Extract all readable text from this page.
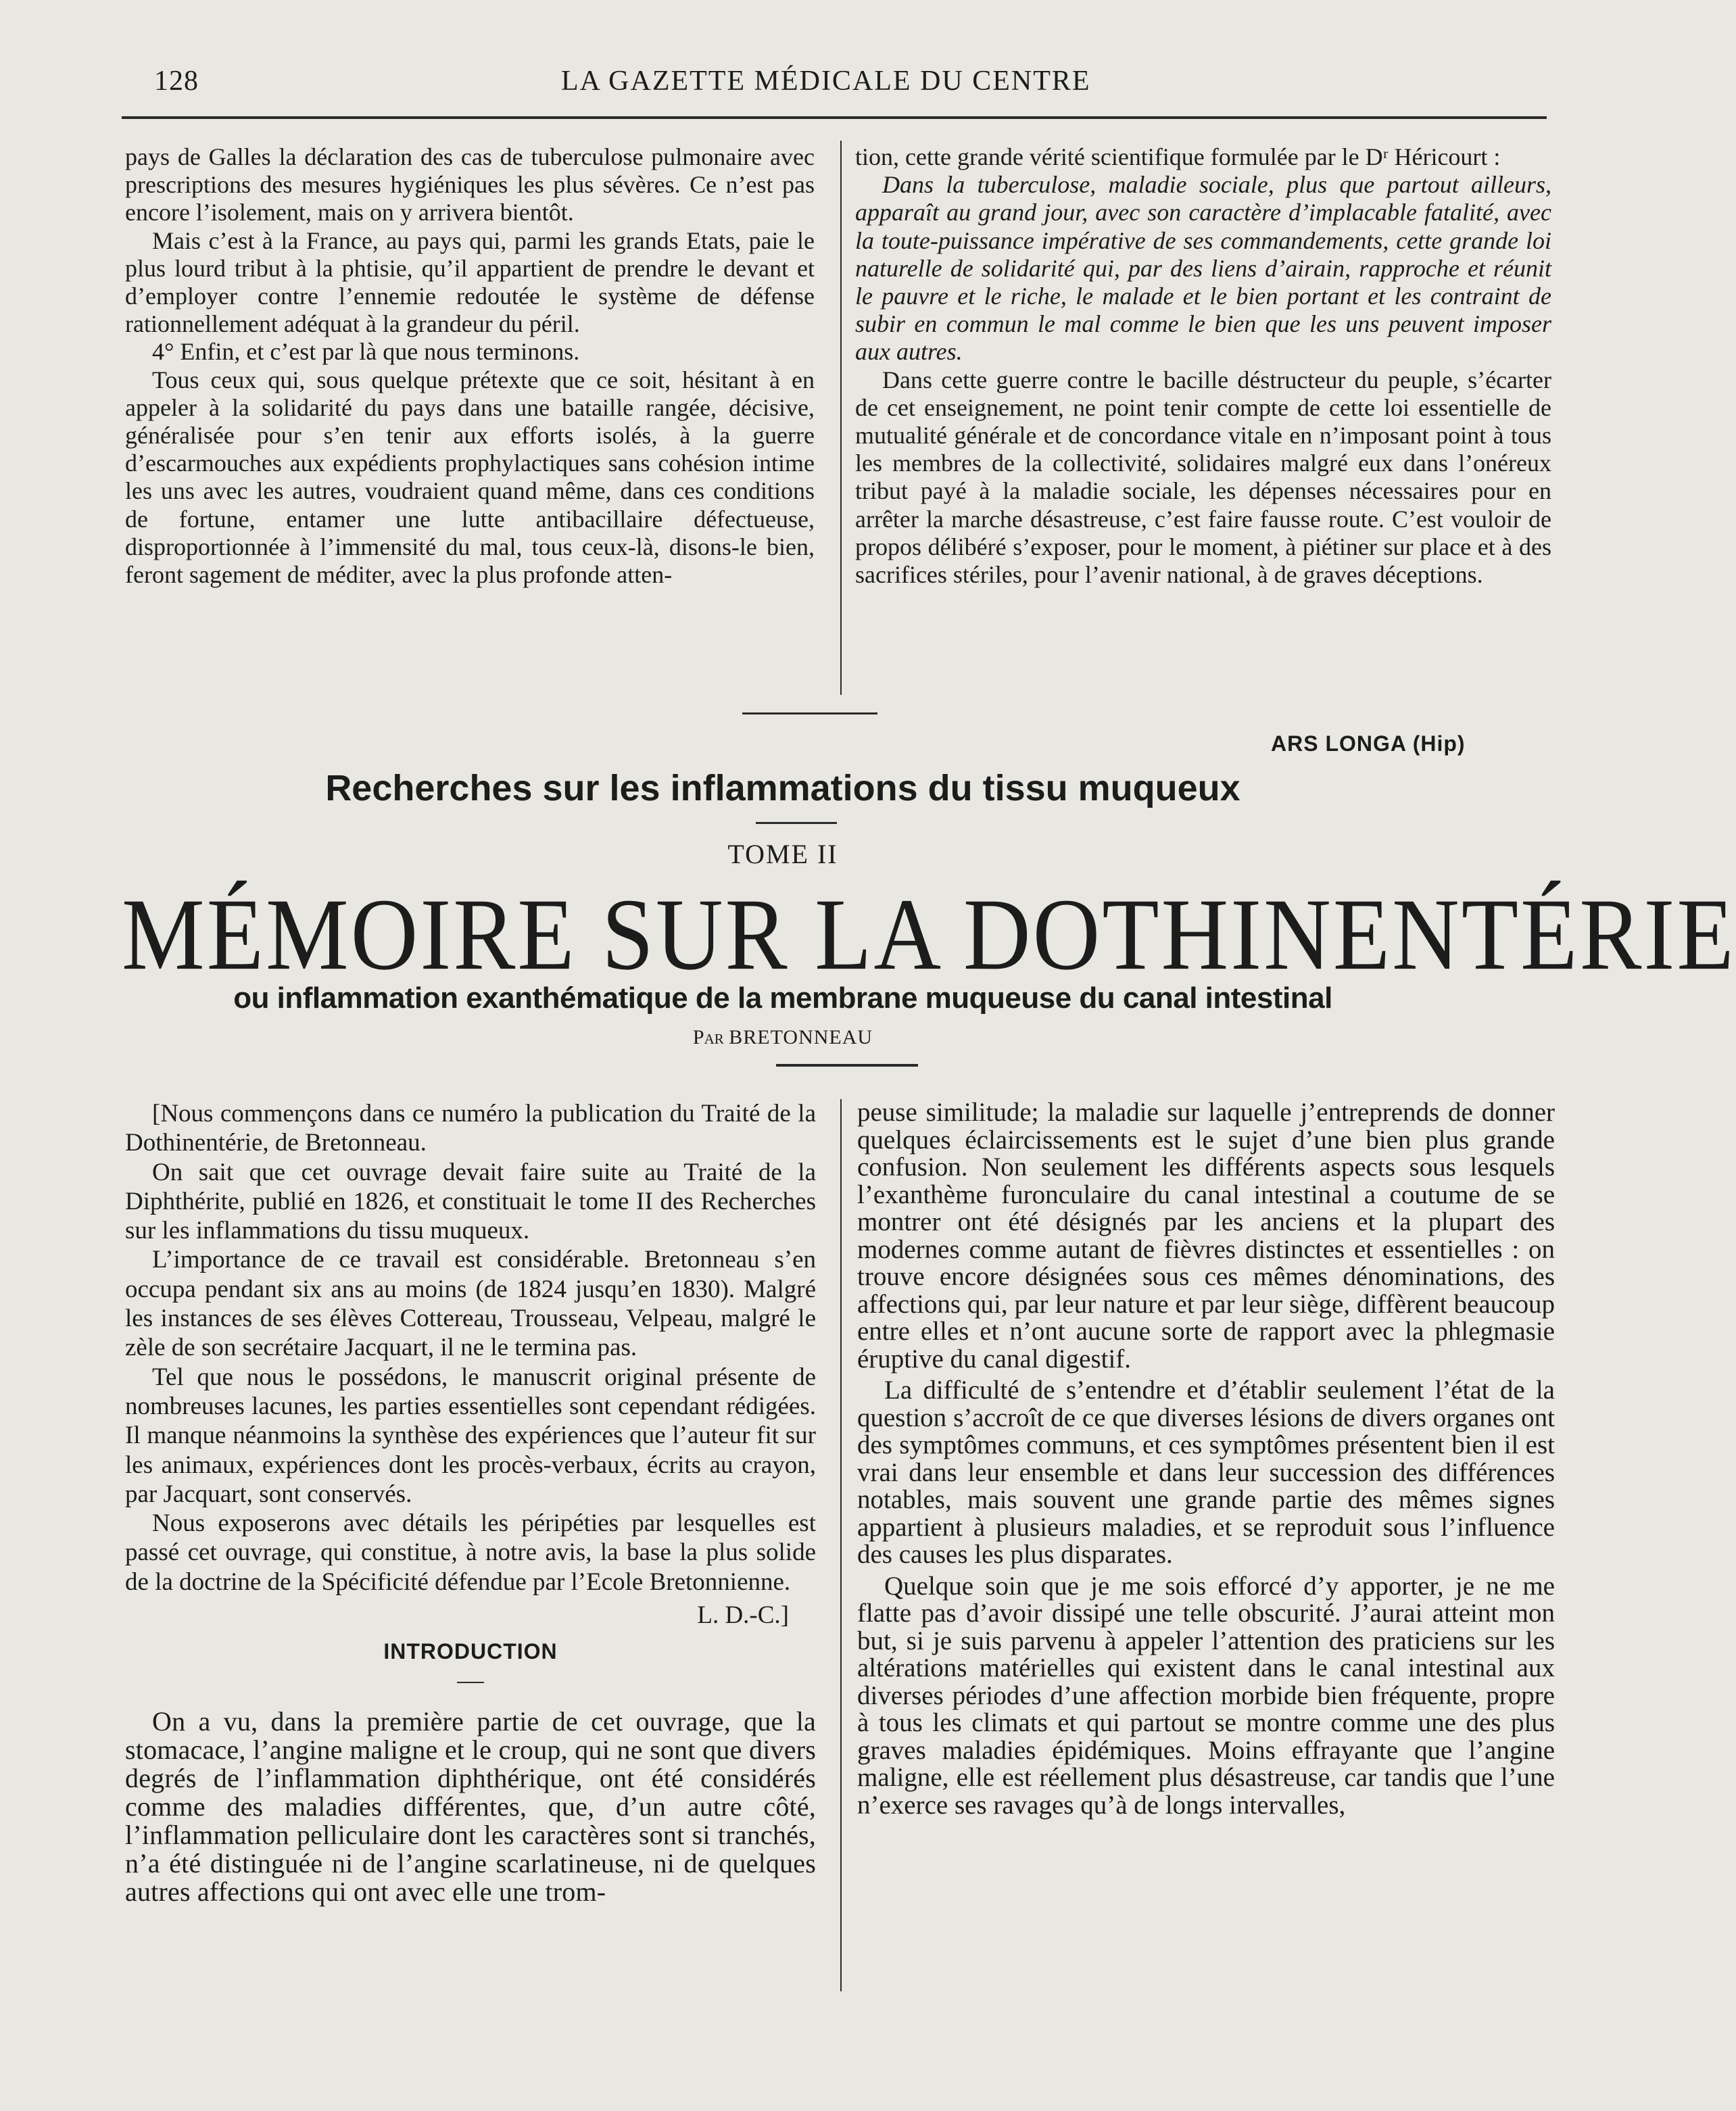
128	LA GAZETTE MÉDICALE DU CENTRE

pays de Galles la déclaration des cas de tuberculose pulmonaire avec prescriptions des mesures hygiéniques les plus sévères. Ce n’est pas encore l’isolement, mais on y arrivera bientôt.

Mais c’est à la France, au pays qui, parmi les grands Etats, paie le plus lourd tribut à la phtisie, qu’il appartient de prendre le devant et d’employer contre l’ennemie redoutée le système de défense rationnellement adéquat à la grandeur du péril.

4° Enfin, et c’est par là que nous terminons.

Tous ceux qui, sous quelque prétexte que ce soit, hésitant à en appeler à la solidarité du pays dans une bataille rangée, décisive, généralisée pour s’en tenir aux efforts isolés, à la guerre d’escarmouches aux expédients prophylactiques sans cohésion intime les uns avec les autres, voudraient quand même, dans ces conditions de fortune, entamer une lutte antibacillaire défectueuse, disproportionnée à l’immensité du mal, tous ceux-là, disons-le bien, feront sagement de méditer, avec la plus profonde atten-

tion, cette grande vérité scientifique formulée par le Dʳ Héricourt :

Dans la tuberculose, maladie sociale, plus que partout ailleurs, apparaît au grand jour, avec son caractère d’implacable fatalité, avec la toute-puissance impérative de ses commandements, cette grande loi naturelle de solidarité qui, par des liens d’airain, rapproche et réunit le pauvre et le riche, le malade et le bien portant et les contraint de subir en commun le mal comme le bien que les uns peuvent imposer aux autres.

Dans cette guerre contre le bacille déstructeur du peuple, s’écarter de cet enseignement, ne point tenir compte de cette loi essentielle de mutualité générale et de concordance vitale en n’imposant point à tous les membres de la collectivité, solidaires malgré eux dans l’onéreux tribut payé à la maladie sociale, les dépenses nécessaires pour en arrêter la marche désastreuse, c’est faire fausse route. C’est vouloir de propos délibéré s’exposer, pour le moment, à piétiner sur place et à des sacrifices stériles, pour l’avenir national, à de graves déceptions.

ARS LONGA (Hip)
Recherches sur les inflammations du tissu muqueux
TOME II
MÉMOIRE SUR LA DOTHINENTÉRIE
ou inflammation exanthématique de la membrane muqueuse du canal intestinal
Par BRETONNEAU

[Nous commençons dans ce numéro la publication du Traité de la Dothinentérie, de Bretonneau.

On sait que cet ouvrage devait faire suite au Traité de la Diphthérite, publié en 1826, et constituait le tome II des Recherches sur les inflammations du tissu muqueux.

L’importance de ce travail est considérable. Bretonneau s’en occupa pendant six ans au moins (de 1824 jusqu’en 1830). Malgré les instances de ses élèves Cottereau, Trousseau, Velpeau, malgré le zèle de son secrétaire Jacquart, il ne le termina pas.

Tel que nous le possédons, le manuscrit original présente de nombreuses lacunes, les parties essentielles sont cependant rédigées. Il manque néanmoins la synthèse des expériences que l’auteur fit sur les animaux, expériences dont les procès-verbaux, écrits au crayon, par Jacquart, sont conservés.

Nous exposerons avec détails les péripéties par lesquelles est passé cet ouvrage, qui constitue, à notre avis, la base la plus solide de la doctrine de la Spécificité défendue par l’Ecole Bretonnienne.

L. D.-C.]

INTRODUCTION

On a vu, dans la première partie de cet ouvrage, que la stomacace, l’angine maligne et le croup, qui ne sont que divers degrés de l’inflammation diphthérique, ont été considérés comme des maladies différentes, que, d’un autre côté, l’inflammation pelliculaire dont les caractères sont si tranchés, n’a été distinguée ni de l’angine scarlatineuse, ni de quelques autres affections qui ont avec elle une trom-

peuse similitude; la maladie sur laquelle j’entreprends de donner quelques éclaircissements est le sujet d’une bien plus grande confusion. Non seulement les différents aspects sous lesquels l’exanthème furonculaire du canal intestinal a coutume de se montrer ont été désignés par les anciens et la plupart des modernes comme autant de fièvres distinctes et essentielles : on trouve encore désignées sous ces mêmes dénominations, des affections qui, par leur nature et par leur siège, diffèrent beaucoup entre elles et n’ont aucune sorte de rapport avec la phlegmasie éruptive du canal digestif.

La difficulté de s’entendre et d’établir seulement l’état de la question s’accroît de ce que diverses lésions de divers organes ont des symptômes communs, et ces symptômes présentent bien il est vrai dans leur ensemble et dans leur succession des différences notables, mais souvent une grande partie des mêmes signes appartient à plusieurs maladies, et se reproduit sous l’influence des causes les plus disparates.

Quelque soin que je me sois efforcé d’y apporter, je ne me flatte pas d’avoir dissipé une telle obscurité. J’aurai atteint mon but, si je suis parvenu à appeler l’attention des praticiens sur les altérations matérielles qui existent dans le canal intestinal aux diverses périodes d’une affection morbide bien fréquente, propre à tous les climats et qui partout se montre comme une des plus graves maladies épidémiques. Moins effrayante que l’angine maligne, elle est réellement plus désastreuse, car tandis que l’une n’exerce ses ravages qu’à de longs intervalles,
